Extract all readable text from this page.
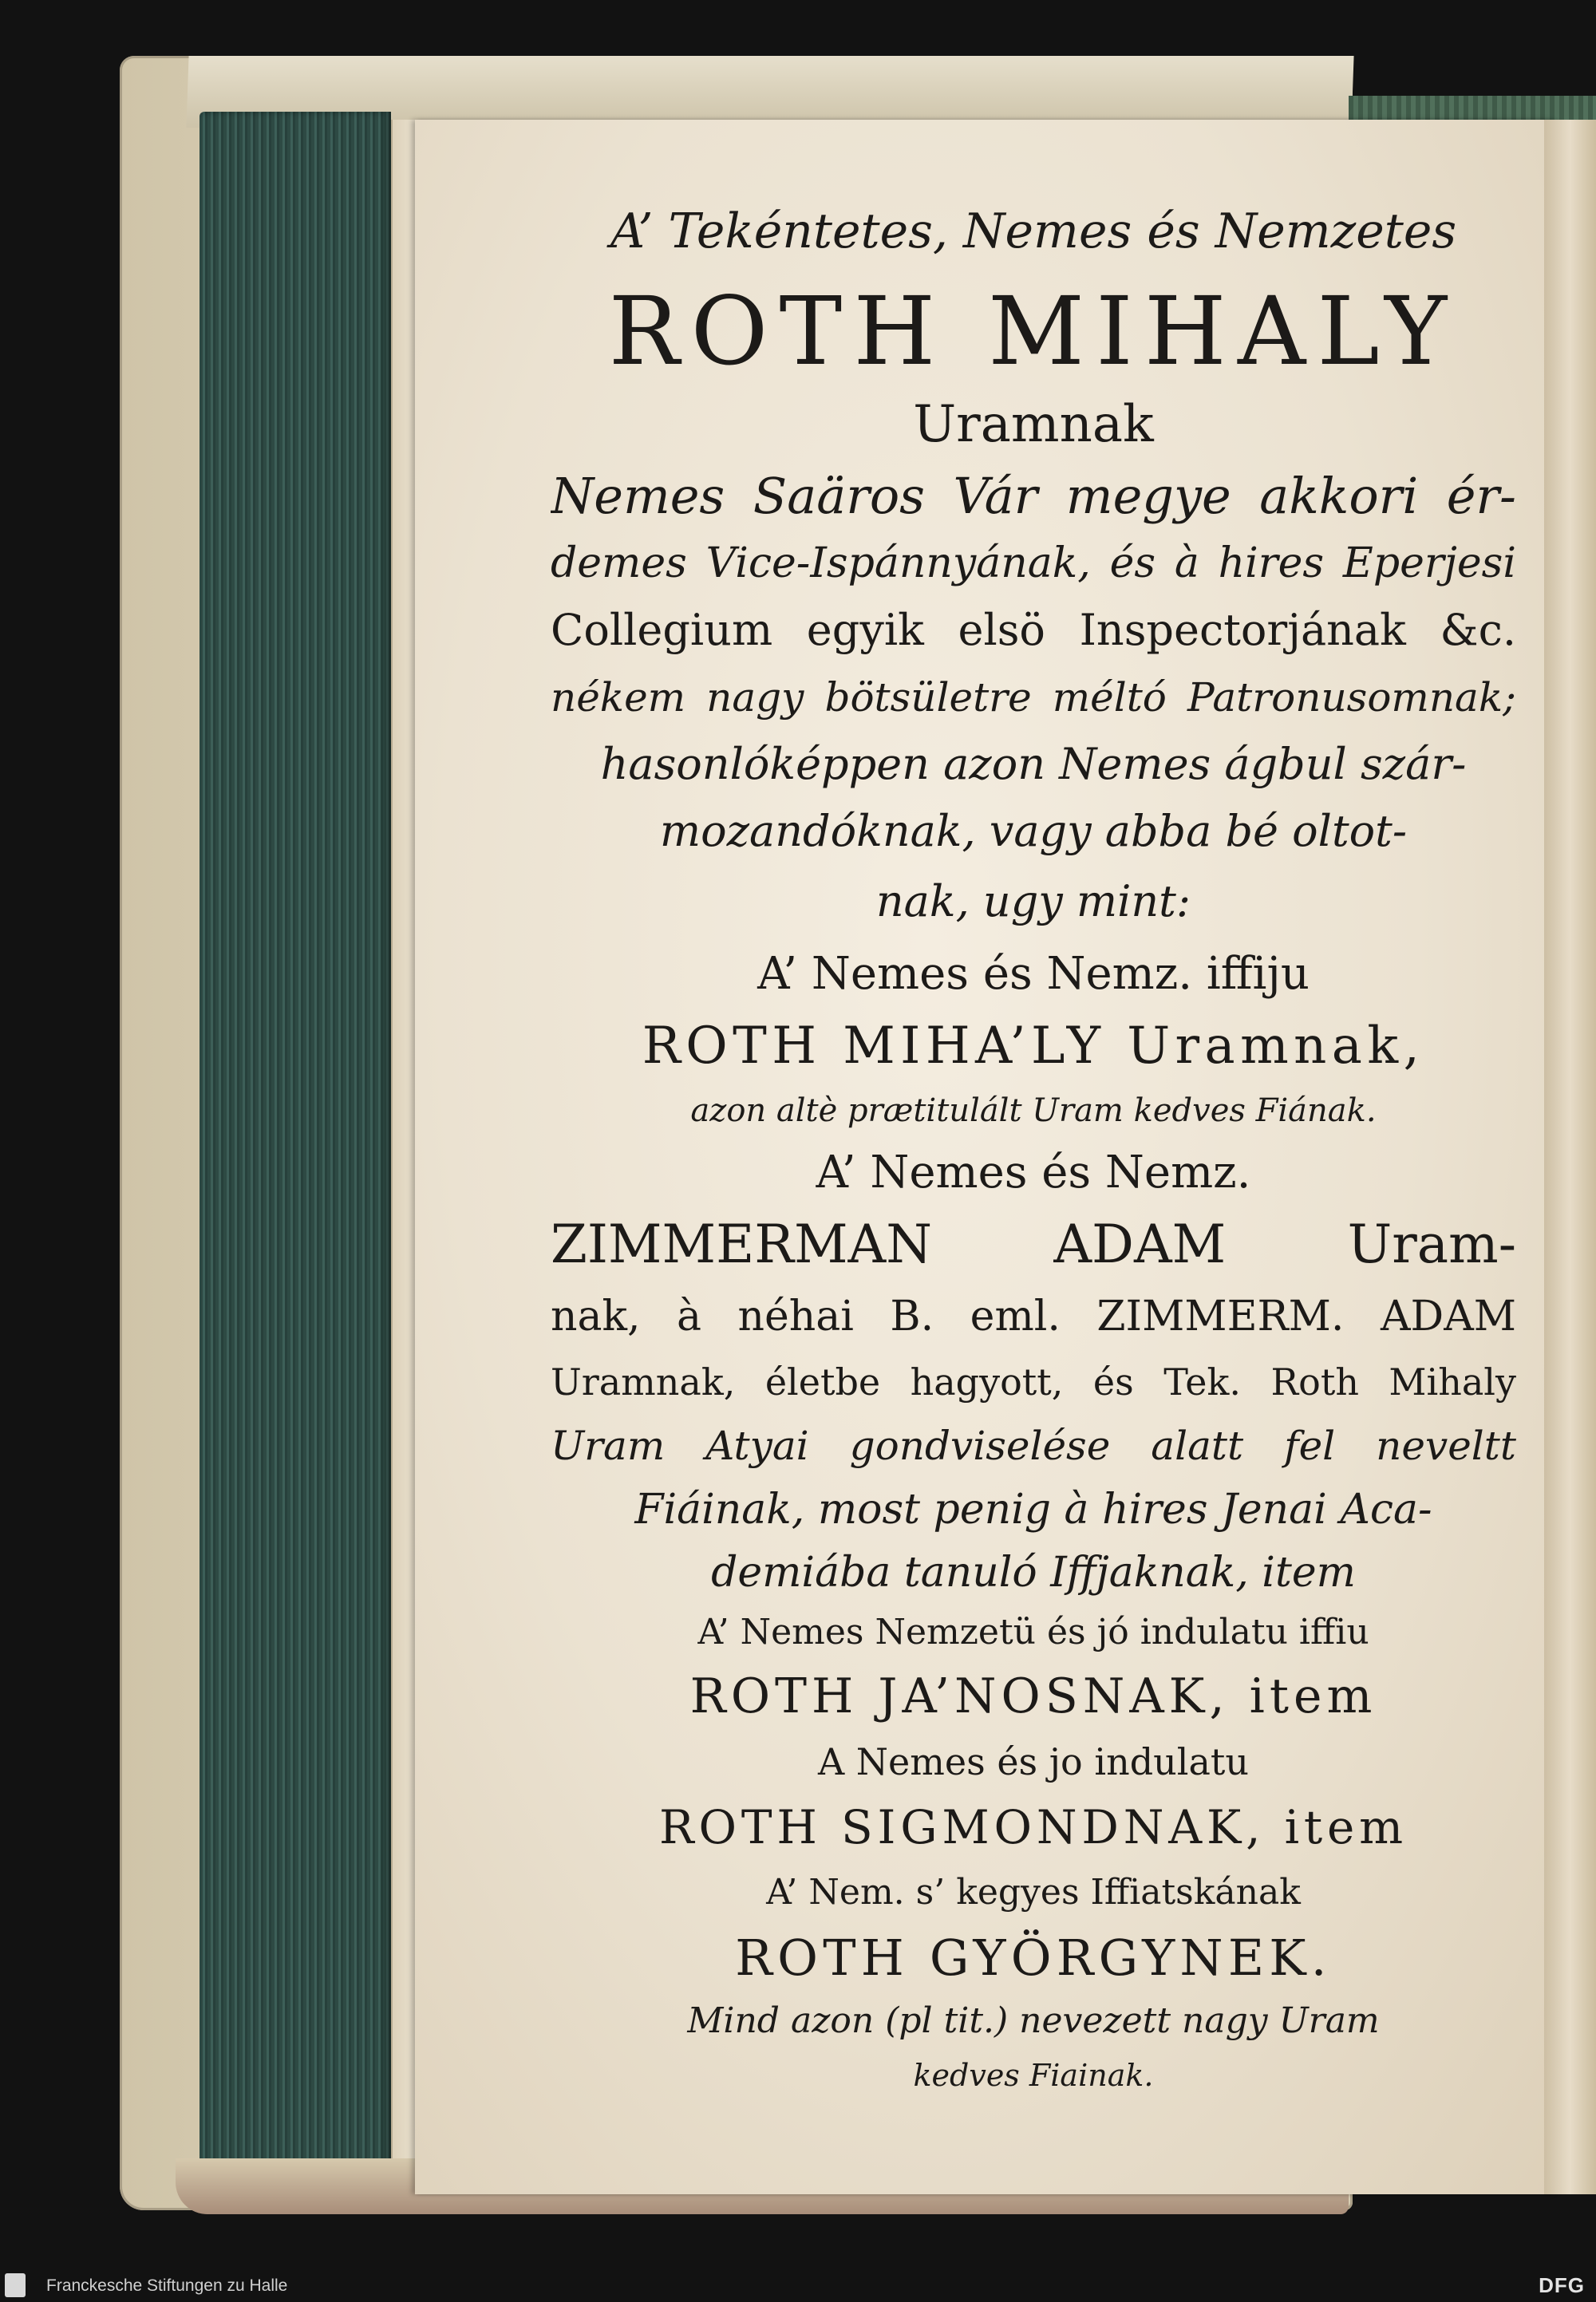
A’ Tekéntetes, Nemes és Nemzetes

ROTH MIHALY

Uramnak

Nemes Saäros Vár megye akkori ér-

demes Vice-Ispánnyának, és à hires Eperjesi

Collegium egyik elsö Inspectorjának &c.

nékem nagy bötsületre méltó Patronusomnak;

hasonlóképpen azon Nemes ágbul szár-

mozandóknak, vagy abba bé oltot-

nak, ugy mint:

A’ Nemes és Nemz. iffiju

ROTH MIHA’LY Uramnak,

azon altè prætitulált Uram kedves Fiának.

A’ Nemes és Nemz.

ZIMMERMAN ADAM Uram-

nak, à néhai B. eml. ZIMMERM. ADAM

Uramnak, életbe hagyott, és Tek. Roth Mihaly

Uram Atyai gondviselése alatt fel neveltt

Fiáinak, most penig à hires Jenai Aca-

demiába tanuló Iffjaknak, item

A’ Nemes Nemzetü és jó indulatu iffiu

ROTH JA’NOSNAK, item

A Nemes és jo indulatu

ROTH SIGMONDNAK, item

A’ Nem. s’ kegyes Iffiatskának

ROTH GYÖRGYNEK.

Mind azon (pl tit.) nevezett nagy Uram

kedves Fiainak.

Franckesche Stiftungen zu Halle	DFG
